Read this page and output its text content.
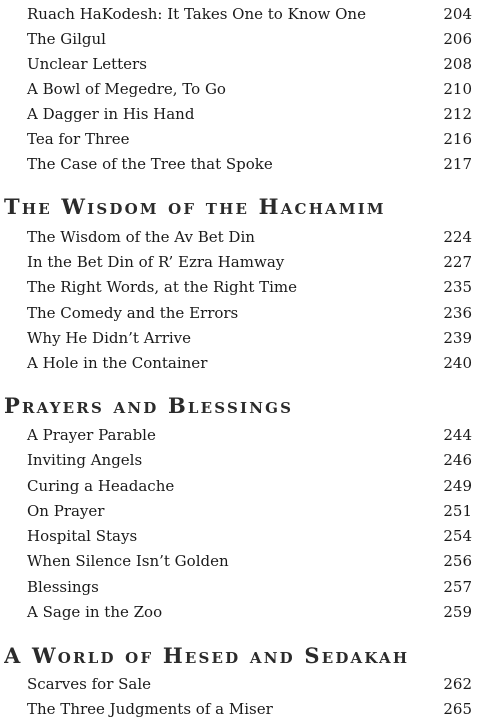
Ruach HaKodesh: It Takes One to Know One	204
The Gilgul	206
Unclear Letters	208
A Bowl of Megedre, To Go	210
A Dagger in His Hand	212
Tea for Three	216
The Case of the Tree that Spoke	217
The Wisdom of the Hachamim
The Wisdom of the Av Bet Din	224
In the Bet Din of R’ Ezra Hamway	227
The Right Words, at the Right Time	235
The Comedy and the Errors	236
Why He Didn’t Arrive	239
A Hole in the Container	240
Prayers and Blessings
A Prayer Parable	244
Inviting Angels	246
Curing a Headache	249
On Prayer	251
Hospital Stays	254
When Silence Isn’t Golden	256
Blessings	257
A Sage in the Zoo	259
A World of Hesed and Sedakah
Scarves for Sale	262
The Three Judgments of a Miser	265
